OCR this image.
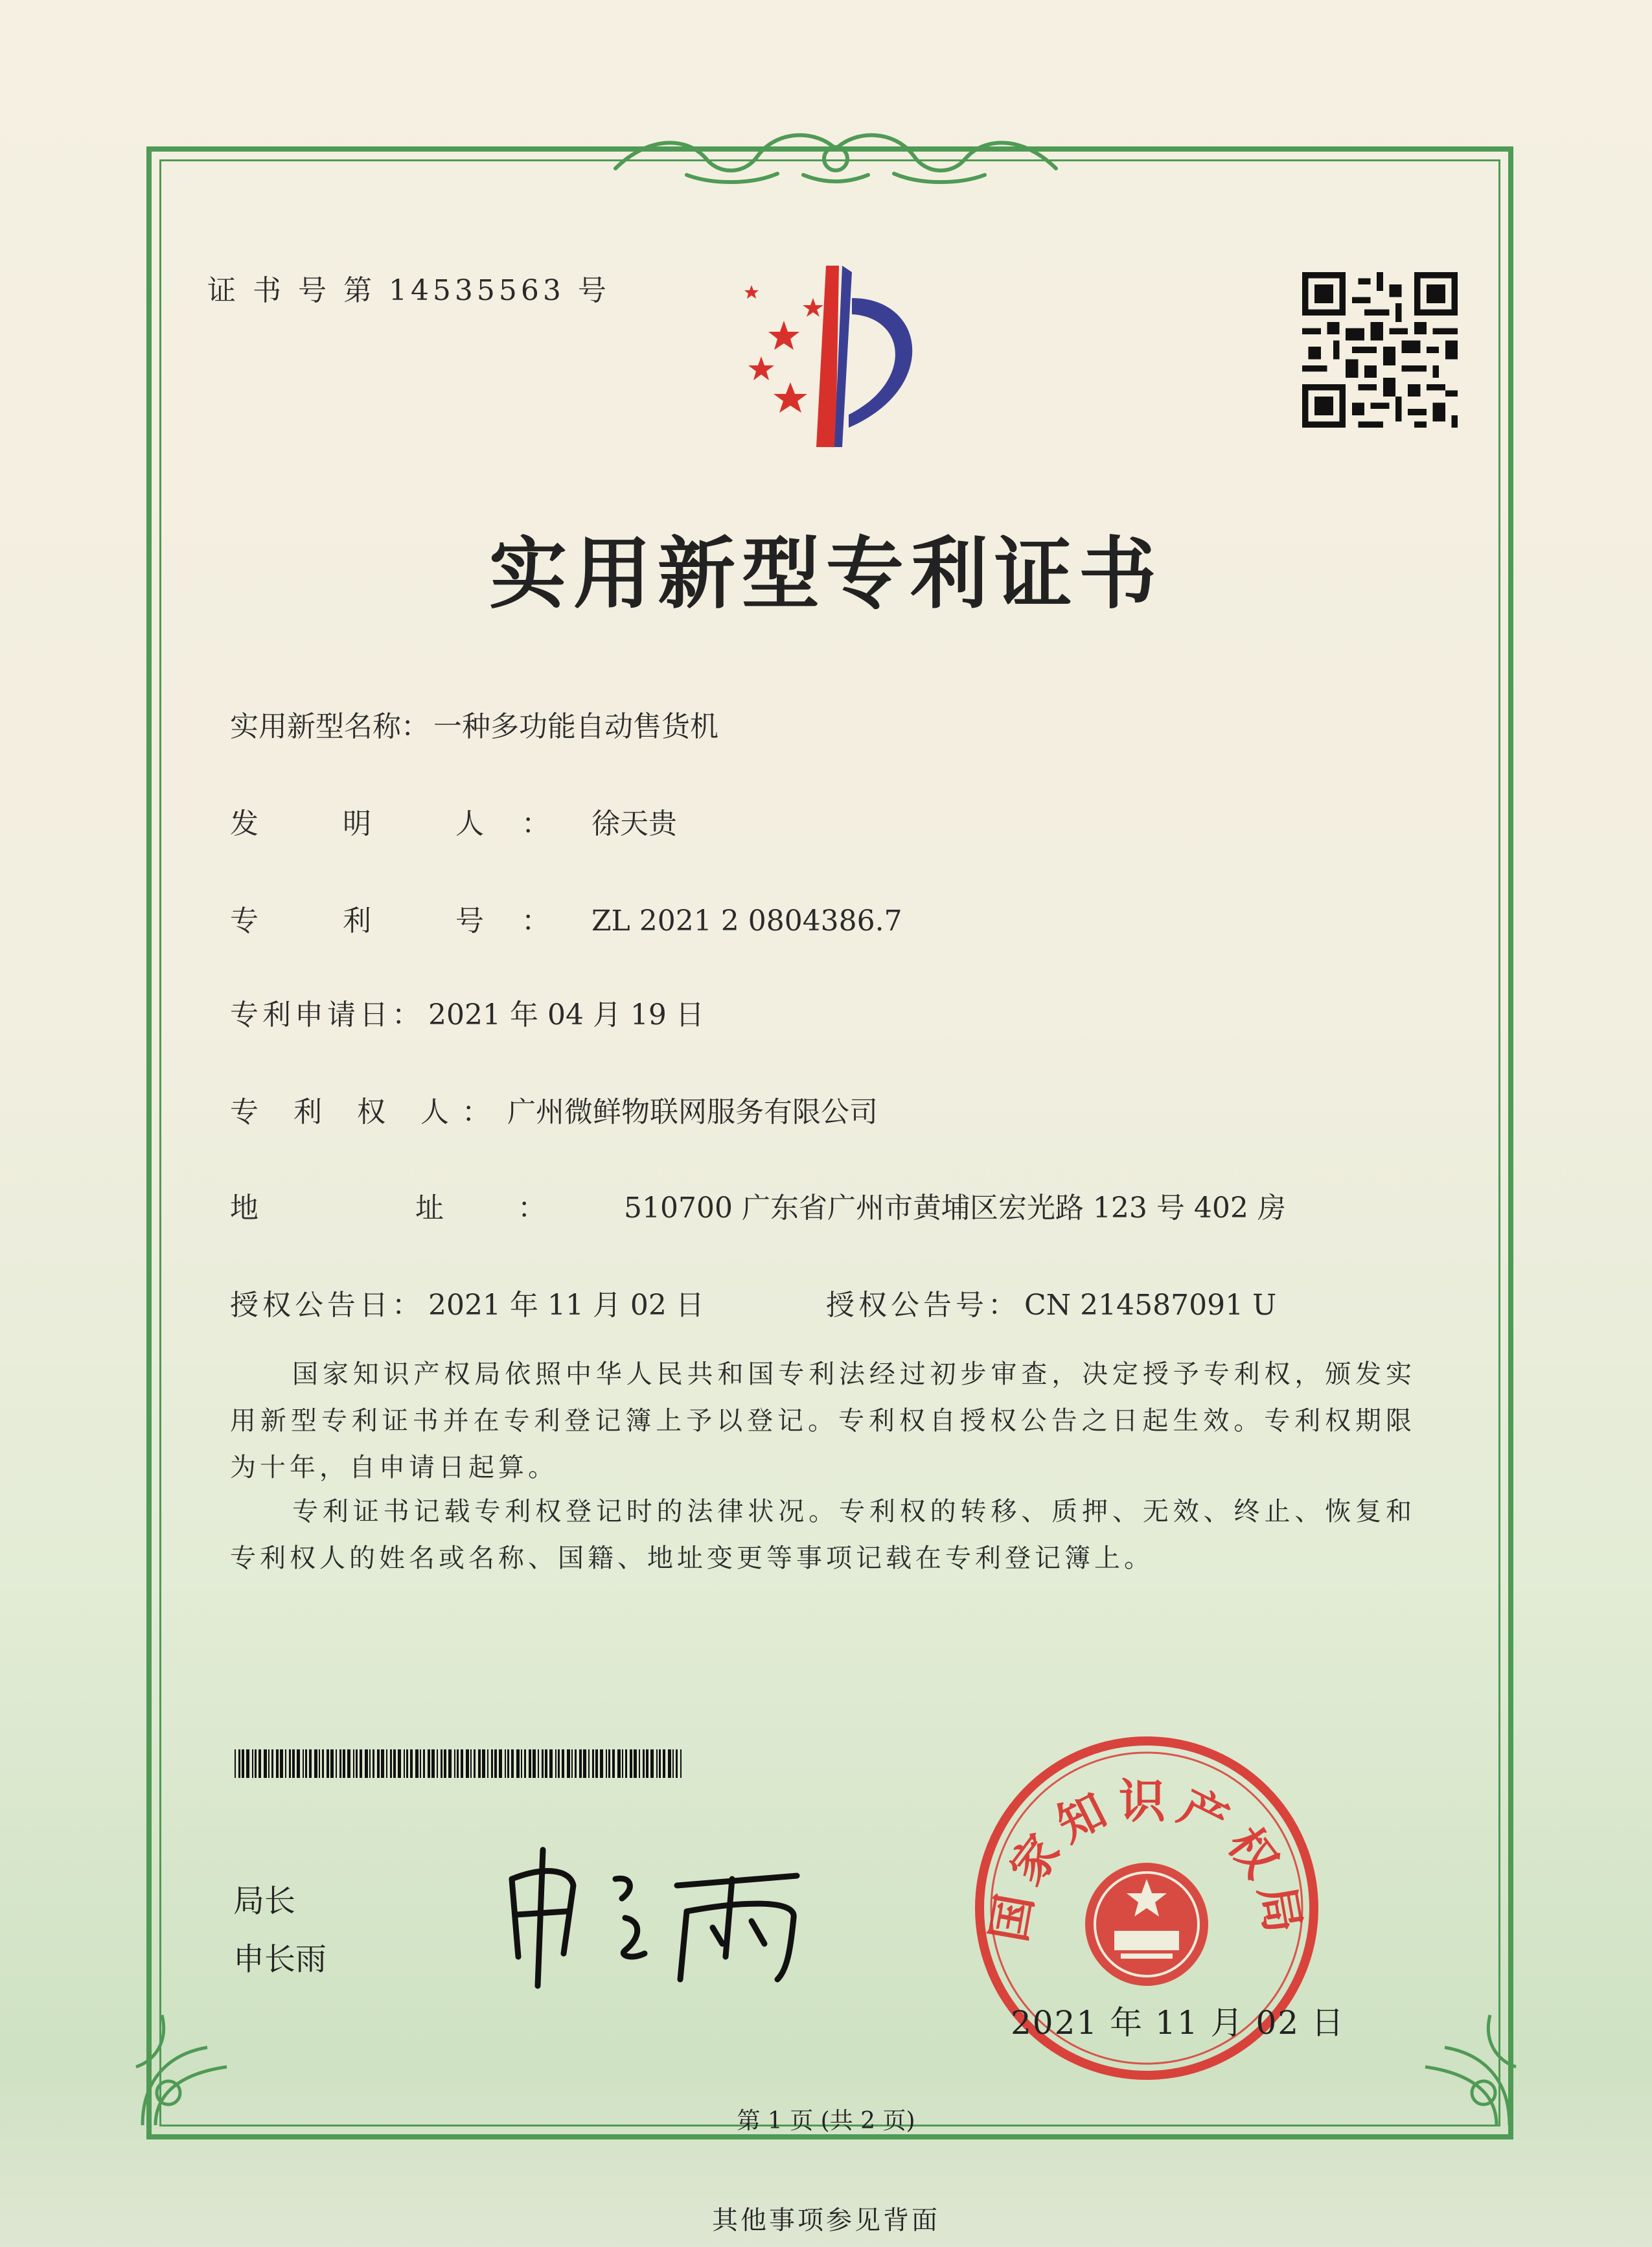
证 书 号 第 14535563 号
实用新型专利证书
实用新型名称： 一种多功能自动售货机
发 明 人： 徐天贵
专 利 号： ZL 2021 2 0804386.7
专利申请日： 2021 年 04 月 19 日
专 利 权 人： 广州微鲜物联网服务有限公司
地 址： 510700 广东省广州市黄埔区宏光路 123 号 402 房
授权公告日： 2021 年 11 月 02 日	授权公告号： CN 214587091 U
国家知识产权局依照中华人民共和国专利法经过初步审查，决定授予专利权，颁发实用新型专利证书并在专利登记簿上予以登记。专利权自授权公告之日起生效。专利权期限为十年，自申请日起算。
专利证书记载专利权登记时的法律状况。专利权的转移、质押、无效、终止、恢复和专利权人的姓名或名称、国籍、地址变更等事项记载在专利登记簿上。
局长
申长雨
国家知识产权局
2021 年 11 月 02 日
第 1 页 (共 2 页)
其他事项参见背面
